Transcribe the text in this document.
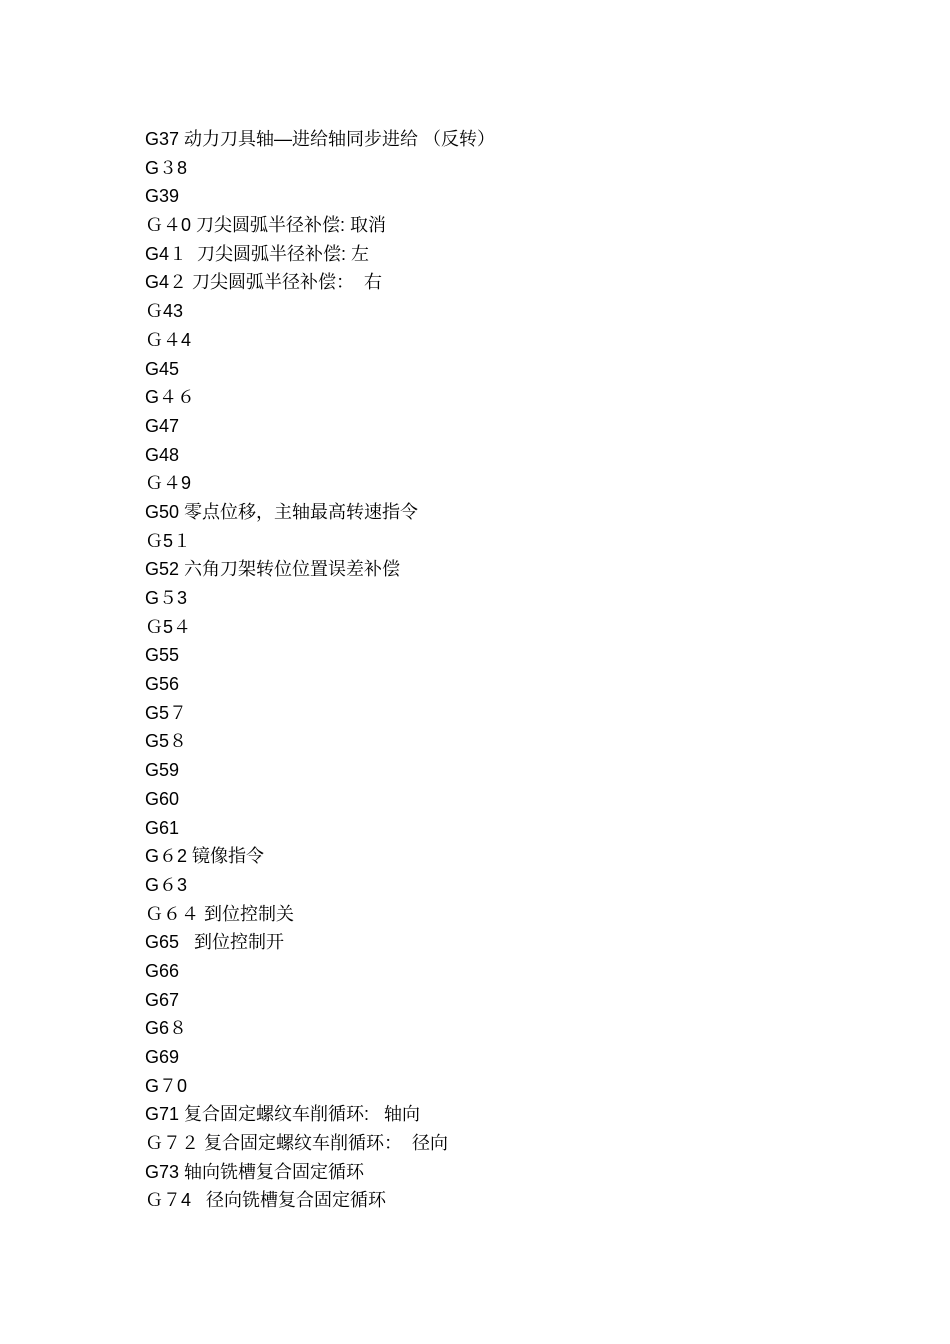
G37 动力刀具轴—进给轴同步进给 （反转）
G３8
G39
Ｇ４0 刀尖圆弧半径补偿: 取消
G4１  刀尖圆弧半径补偿: 左
G4２ 刀尖圆弧半径补偿：  右
Ｇ43
Ｇ４4
G45
G４６
G47
G48
Ｇ４9
G50 零点位移，主轴最高转速指令
Ｇ5１
G52 六角刀架转位位置误差补偿
G５3
Ｇ5４
G55
G56
G5７
G5８
G59
G60
G61
G６2 镜像指令
G６3
Ｇ６４ 到位控制关
G65   到位控制开
G66
G67
G6８
G69
G７0
G71 复合固定螺纹车削循环:   轴向
Ｇ７２ 复合固定螺纹车削循环：  径向
G73 轴向铣槽复合固定循环
Ｇ７4   径向铣槽复合固定循环
